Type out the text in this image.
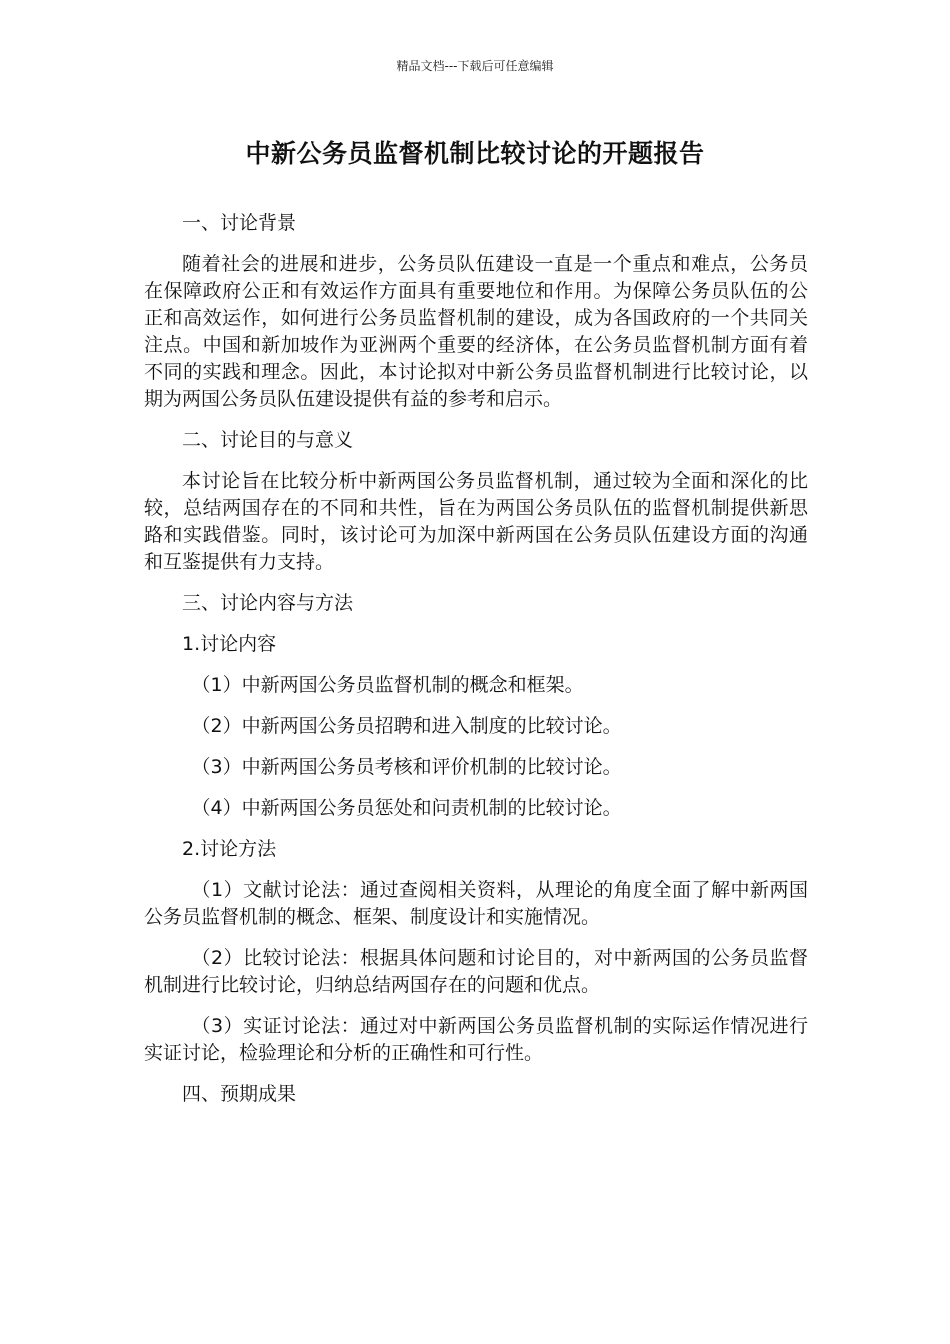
精品文档---下载后可任意编辑
中新公务员监督机制比较讨论的开题报告

一、讨论背景

随着社会的进展和进步，公务员队伍建设一直是一个重点和难点，公务员在保障政府公正和有效运作方面具有重要地位和作用。为保障公务员队伍的公正和高效运作，如何进行公务员监督机制的建设，成为各国政府的一个共同关注点。中国和新加坡作为亚洲两个重要的经济体，在公务员监督机制方面有着不同的实践和理念。因此，本讨论拟对中新公务员监督机制进行比较讨论，以期为两国公务员队伍建设提供有益的参考和启示。

二、讨论目的与意义

本讨论旨在比较分析中新两国公务员监督机制，通过较为全面和深化的比较，总结两国存在的不同和共性，旨在为两国公务员队伍的监督机制提供新思路和实践借鉴。同时，该讨论可为加深中新两国在公务员队伍建设方面的沟通和互鉴提供有力支持。

三、讨论内容与方法

1.讨论内容

（1）中新两国公务员监督机制的概念和框架。

（2）中新两国公务员招聘和进入制度的比较讨论。

（3）中新两国公务员考核和评价机制的比较讨论。

（4）中新两国公务员惩处和问责机制的比较讨论。

2.讨论方法

（1）文献讨论法：通过查阅相关资料，从理论的角度全面了解中新两国公务员监督机制的概念、框架、制度设计和实施情况。

（2）比较讨论法：根据具体问题和讨论目的，对中新两国的公务员监督机制进行比较讨论，归纳总结两国存在的问题和优点。

（3）实证讨论法：通过对中新两国公务员监督机制的实际运作情况进行实证讨论，检验理论和分析的正确性和可行性。

四、预期成果
